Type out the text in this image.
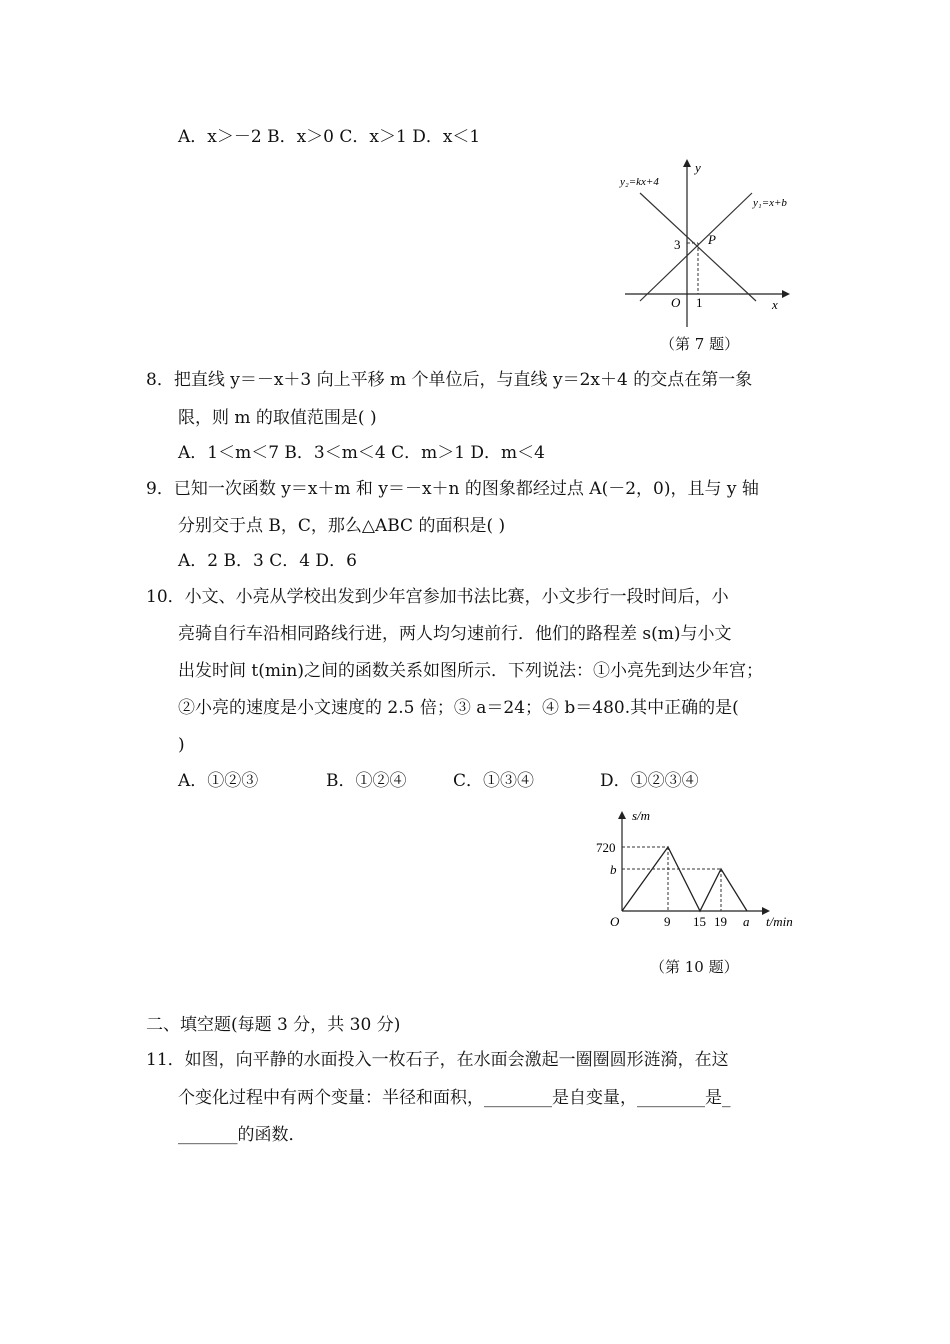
A．x＞－2 B．x＞0 C．x＞1 D．x＜1
y
x
O
y₁=x+b
y₂=kx+4
P
3
1
（第 7 题）
8．把直线 y＝－x＋3 向上平移 m 个单位后，与直线 y＝2x＋4 的交点在第一象
限，则 m 的取值范围是( )
A．1＜m＜7 B．3＜m＜4 C．m＞1 D．m＜4
9．已知一次函数 y＝x＋m 和 y＝－x＋n 的图象都经过点 A(－2，0)，且与 y 轴
分别交于点 B，C，那么△ABC 的面积是( )
A．2 B．3 C．4 D．6
10．小文、小亮从学校出发到少年宫参加书法比赛，小文步行一段时间后，小
亮骑自行车沿相同路线行进，两人均匀速前行．他们的路程差 s(m)与小文
出发时间 t(min)之间的函数关系如图所示．下列说法：①小亮先到达少年宫；
②小亮的速度是小文速度的 2.5 倍；③ a＝24；④ b＝480.其中正确的是(
)
A．①②③	B．①②④	C．①③④	D．①②③④
s/m
t/min
O
720
b
9 15 19 a
（第 10 题）
二、填空题(每题 3 分，共 30 分)
11．如图，向平静的水面投入一枚石子，在水面会激起一圈圈圆形涟漪，在这
个变化过程中有两个变量：半径和面积，________是自变量，________是_
_______的函数．
